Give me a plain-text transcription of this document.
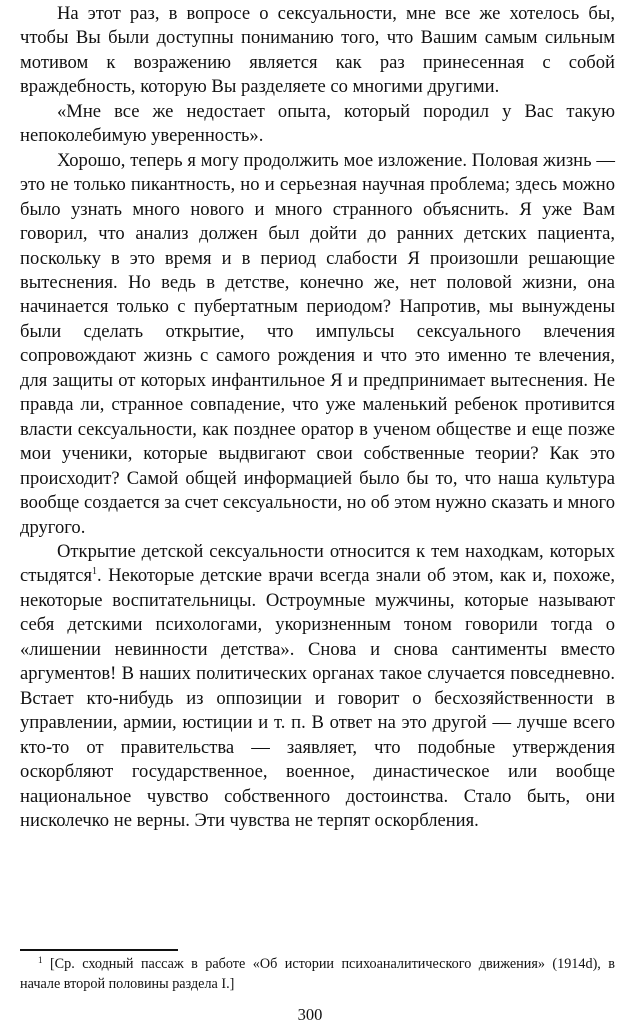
На этот раз, в вопросе о сексуальности, мне все же хотелось бы, чтобы Вы были доступны пониманию того, что Вашим самым сильным мотивом к возражению является как раз принесенная с собой враждебность, которую Вы разделяете со многими другими.

«Мне все же недостает опыта, который породил у Вас такую непоколебимую уверенность».

Хорошо, теперь я могу продолжить мое изложение. Половая жизнь — это не только пикантность, но и серьезная научная проблема; здесь можно было узнать много нового и много странного объяснить. Я уже Вам говорил, что анализ должен был дойти до ранних детских пациента, поскольку в это время и в период слабости Я произошли решающие вытеснения. Но ведь в детстве, конечно же, нет половой жизни, она начинается только с пубертатным периодом? Напротив, мы вынуждены были сделать открытие, что импульсы сексуального влечения сопровождают жизнь с самого рождения и что это именно те влечения, для защиты от которых инфантильное Я и предпринимает вытеснения. Не правда ли, странное совпадение, что уже маленький ребенок противится власти сексуальности, как позднее оратор в ученом обществе и еще позже мои ученики, которые выдвигают свои собственные теории? Как это происходит? Самой общей информацией было бы то, что наша культура вообще создается за счет сексуальности, но об этом нужно сказать и много другого.

Открытие детской сексуальности относится к тем находкам, которых стыдятся$^1$. Некоторые детские врачи всегда знали об этом, как и, похоже, некоторые воспитательницы. Остроумные мужчины, которые называют себя детскими психологами, укоризненным тоном говорили тогда о «лишении невинности детства». Снова и снова сантименты вместо аргументов! В наших политических органах такое случается повседневно. Встает кто-нибудь из оппозиции и говорит о бесхозяйственности в управлении, армии, юстиции и т. п. В ответ на это другой — лучше всего кто-то от правительства — заявляет, что подобные утверждения оскорбляют государственное, военное, династическое или вообще национальное чувство собственного достоинства. Стало быть, они нисколечко не верны. Эти чувства не терпят оскорбления.

$^1$ [Ср. сходный пассаж в работе «Об истории психоаналитического движения» (1914d), в начале второй половины раздела I.]

300
